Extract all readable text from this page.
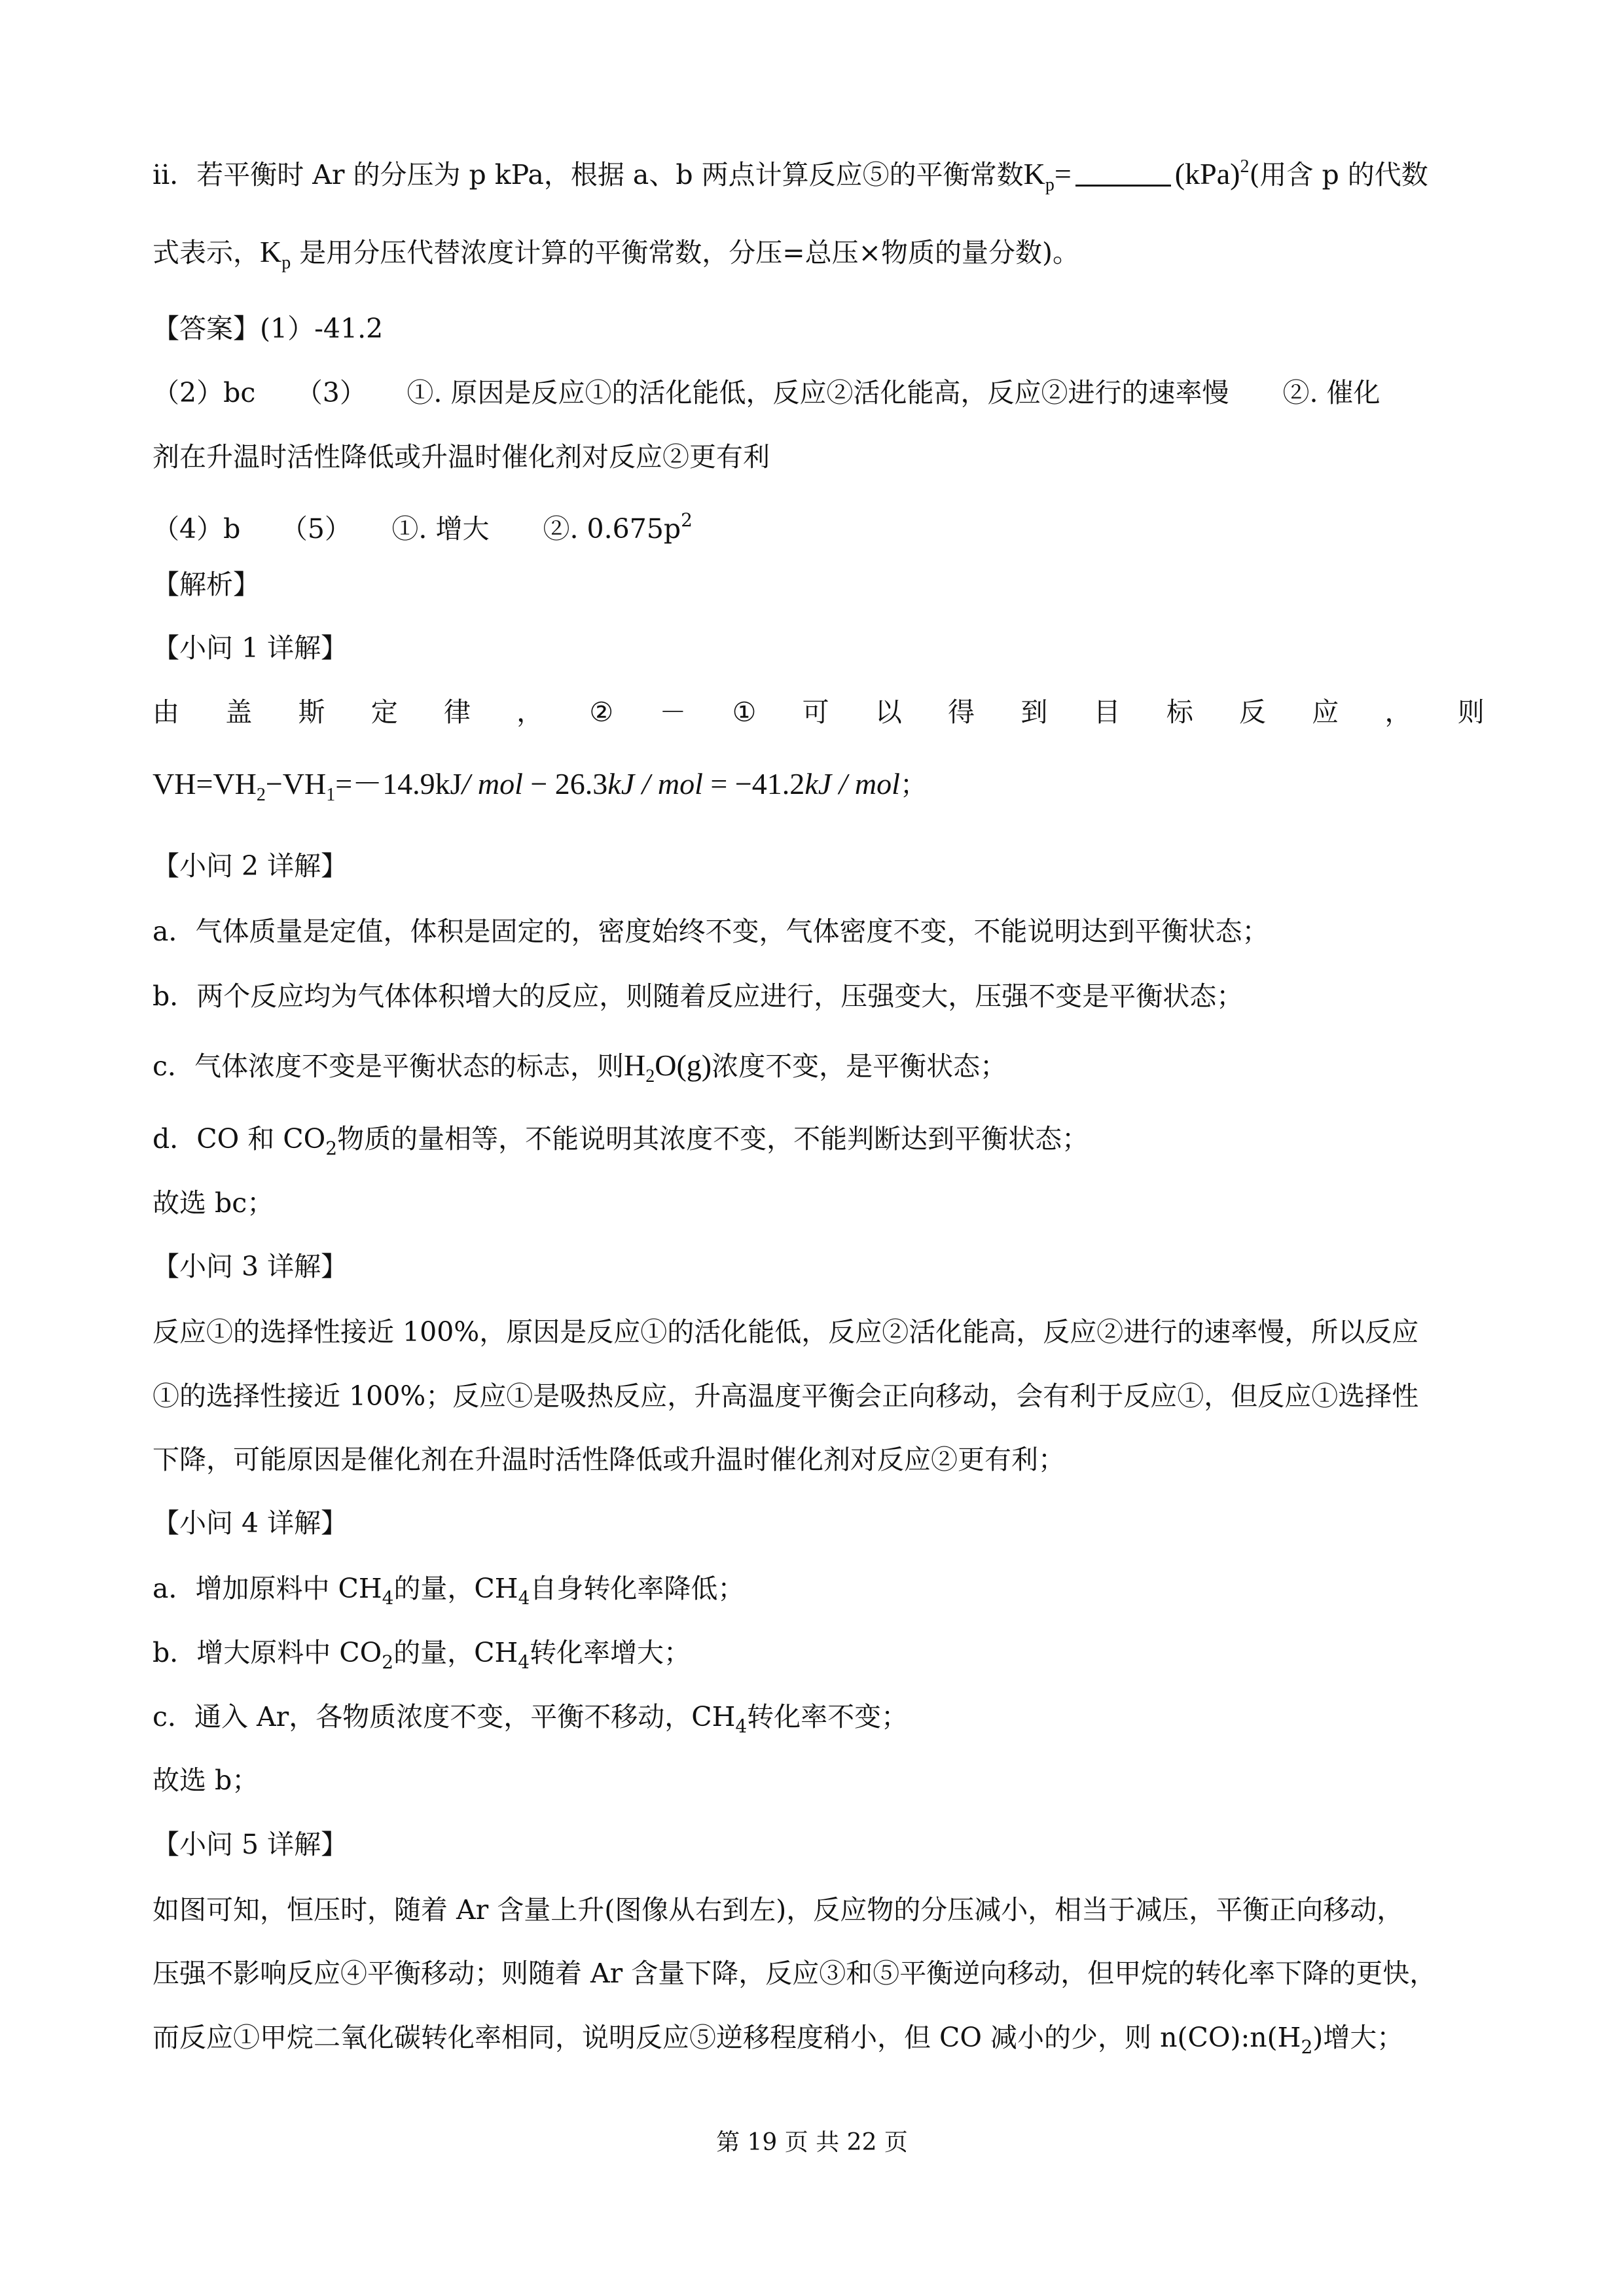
ii．若平衡时 Ar 的分压为 p kPa，根据 a、b 两点计算反应⑤的平衡常数$K_p=$	(kPa)$^2$(用含 p 的代数
式表示，$K_p$ 是用分压代替浓度计算的平衡常数，分压=总压×物质的量分数)。
【答案】(1）-41.2
（2）bc　　（3）　　①. 原因是反应①的活化能低，反应②活化能高，反应②进行的速率慢　　②. 催化
剂在升温时活性降低或升温时催化剂对反应②更有利
（4）b　　（5）　　①. 增大　　②. $0.675p^2$
【解析】
【小问 1 详解】
由 盖 斯 定 律 ， ② － ① 可 以 得 到 目 标 反 应 ， 则
$VH=VH_2-VH_1=-14.9kJ/$ mol − 26.3kJ / mol = −41.2kJ / mol；
【小问 2 详解】
a．气体质量是定值，体积是固定的，密度始终不变，气体密度不变，不能说明达到平衡状态；
b．两个反应均为气体体积增大的反应，则随着反应进行，压强变大，压强不变是平衡状态；
c．气体浓度不变是平衡状态的标志，则$H_2O(g)$浓度不变，是平衡状态；
d．CO 和 $CO_2$物质的量相等，不能说明其浓度不变，不能判断达到平衡状态；
故选 bc；
【小问 3 详解】
反应①的选择性接近 100%，原因是反应①的活化能低，反应②活化能高，反应②进行的速率慢，所以反应
①的选择性接近 100%；反应①是吸热反应，升高温度平衡会正向移动，会有利于反应①，但反应①选择性
下降，可能原因是催化剂在升温时活性降低或升温时催化剂对反应②更有利；
【小问 4 详解】
a．增加原料中 $CH_4$的量，$CH_4$自身转化率降低；
b．增大原料中 $CO_2$的量，$CH_4$转化率增大；
c．通入 Ar，各物质浓度不变，平衡不移动，$CH_4$转化率不变；
故选 b；
【小问 5 详解】
如图可知，恒压时，随着 Ar 含量上升(图像从右到左)，反应物的分压减小，相当于减压，平衡正向移动，
压强不影响反应④平衡移动；则随着 Ar 含量下降，反应③和⑤平衡逆向移动，但甲烷的转化率下降的更快，
而反应①甲烷二氧化碳转化率相同，说明反应⑤逆移程度稍小，但 CO 减小的少，则 $n(CO):n(H_2)$增大；
第 19 页 共 22 页
